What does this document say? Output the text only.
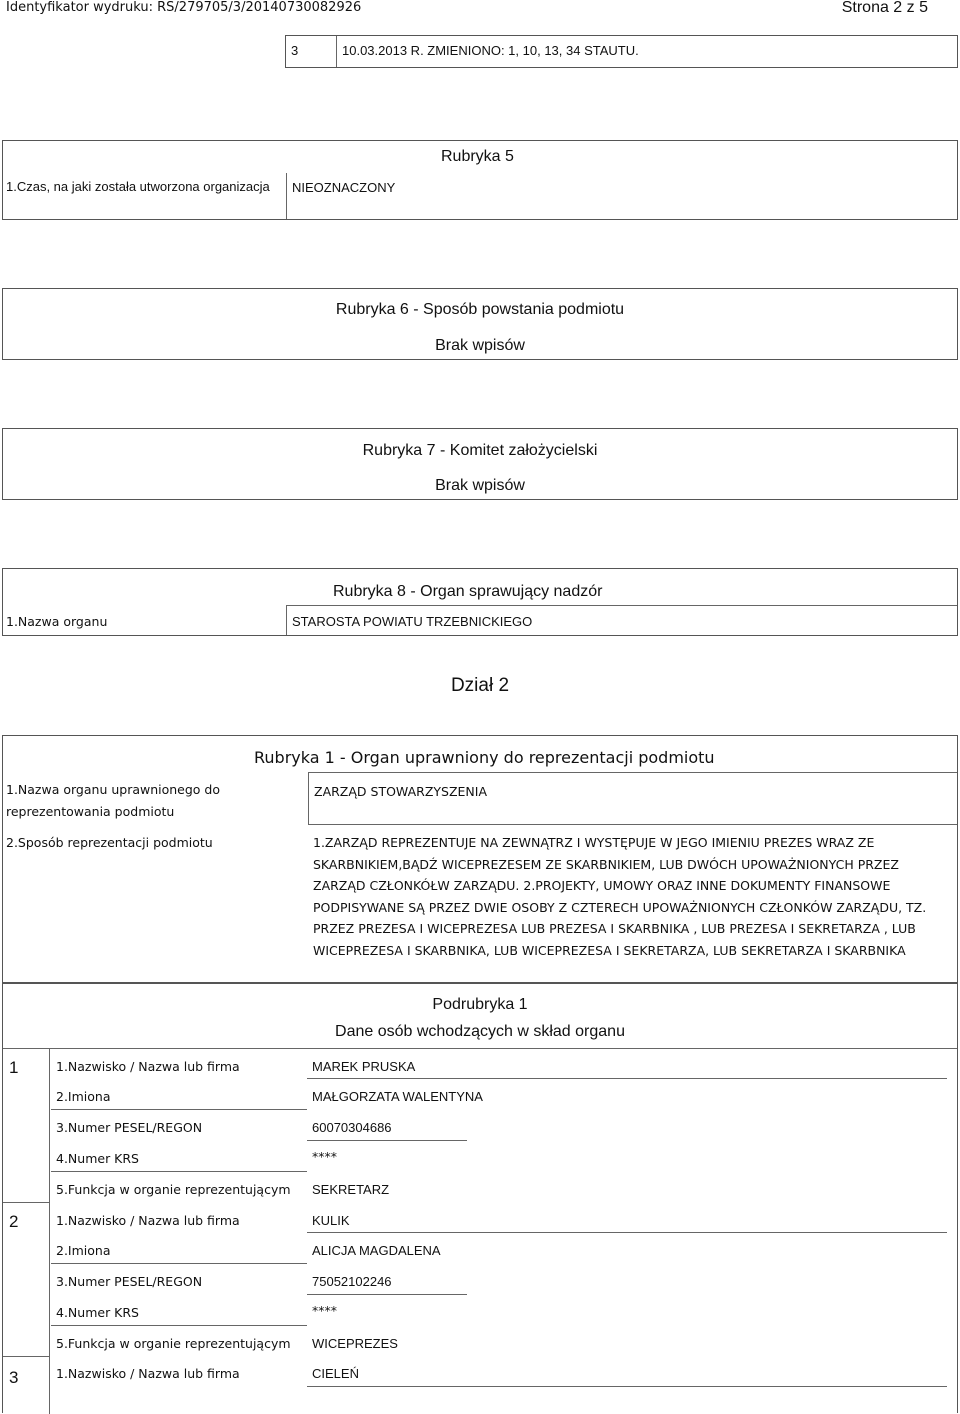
Identyfikator wydruku: RS/279705/3/20140730082926	Strona 2 z 5
3	10.03.2013 R. ZMIENIONO: 1, 10, 13, 34 STAUTU.
Rubryka 5
1.Czas, na jaki została utworzona organizacja	NIEOZNACZONY
Rubryka 6 - Sposób powstania podmiotu
Brak wpisów
Rubryka 7 - Komitet założycielski
Brak wpisów
Rubryka 8 - Organ sprawujący nadzór
1.Nazwa organu	STAROSTA POWIATU TRZEBNICKIEGO
Dział 2
Rubryka 1 - Organ uprawniony do reprezentacji podmiotu
1.Nazwa organu uprawnionego do reprezentowania podmiotu
ZARZĄD STOWARZYSZENIA
2.Sposób reprezentacji podmiotu	1.ZARZĄD REPREZENTUJE NA ZEWNĄTRZ I WYSTĘPUJE W JEGO IMIENIU PREZES WRAZ ZE SKARBNIKIEM,BĄDŹ WICEPREZESEM ZE SKARBNIKIEM, LUB DWÓCH UPOWAŻNIONYCH PRZEZ ZARZĄD CZŁONKÓŁW ZARZĄDU. 2.PROJEKTY, UMOWY ORAZ INNE DOKUMENTY FINANSOWE PODPISYWANE SĄ PRZEZ DWIE OSOBY Z CZTERECH UPOWAŻNIONYCH CZŁONKÓW ZARZĄDU, TZ. PRZEZ PREZESA I WICEPREZESA LUB PREZESA I SKARBNIKA , LUB PREZESA I SEKRETARZA , LUB WICEPREZESA I SKARBNIKA, LUB WICEPREZESA I SEKRETARZA, LUB SEKRETARZA I SKARBNIKA
Podrubryka 1
Dane osób wchodzących w skład organu
1	1.Nazwisko / Nazwa lub firma	MAREK PRUSKA
2.Imiona	MAŁGORZATA WALENTYNA
3.Numer PESEL/REGON	60070304686
4.Numer KRS	****
5.Funkcja w organie reprezentującym SEKRETARZ
2	1.Nazwisko / Nazwa lub firma	KULIK
2.Imiona	ALICJA MAGDALENA
3.Numer PESEL/REGON	75052102246
4.Numer KRS	****
5.Funkcja w organie reprezentującym WICEPREZES
3	1.Nazwisko / Nazwa lub firma	CIELEŃ
